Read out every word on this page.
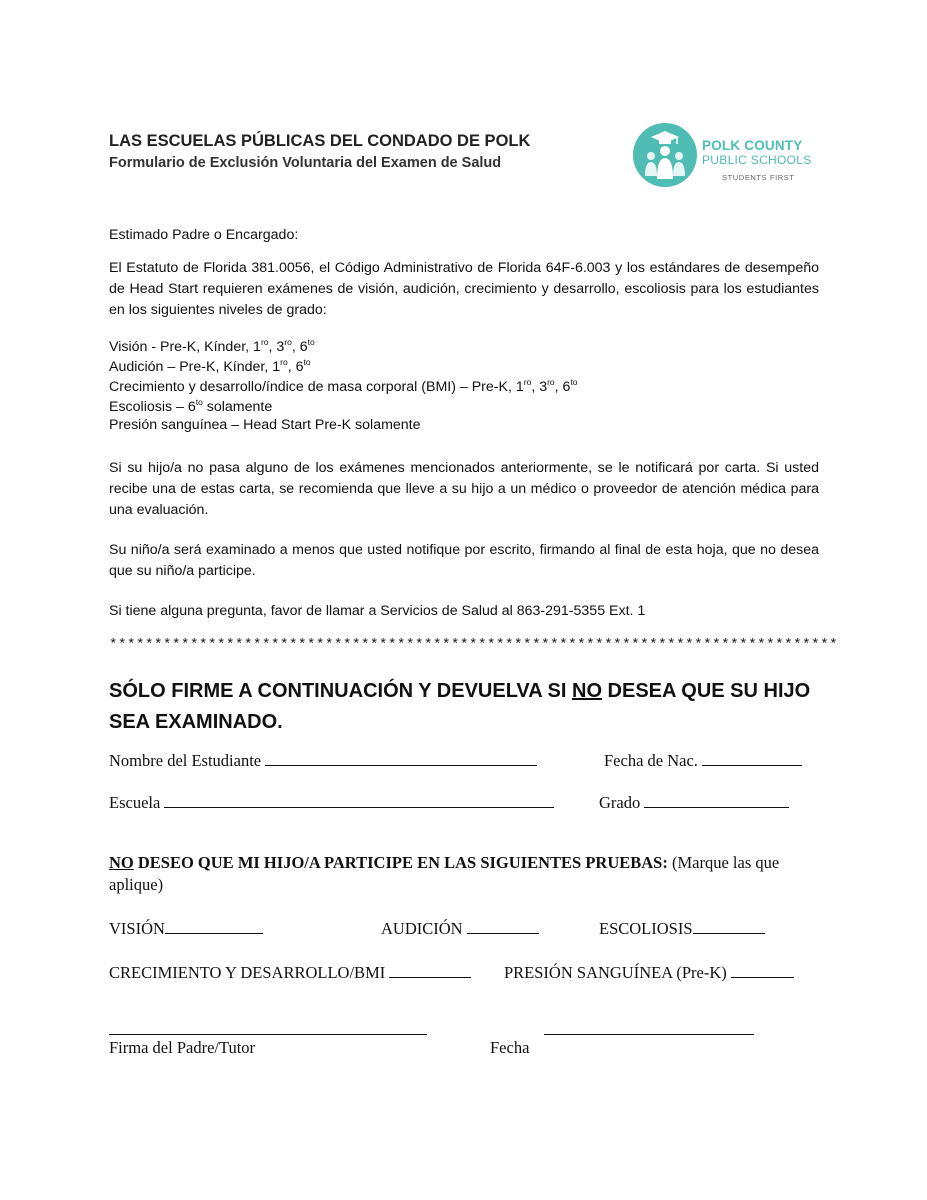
LAS ESCUELAS PÚBLICAS DEL CONDADO DE POLK
Formulario de Exclusión Voluntaria del Examen de Salud
POLK COUNTY
PUBLIC SCHOOLS
STUDENTS FIRST
Estimado Padre o Encargado:
El Estatuto de Florida 381.0056, el Código Administrativo de Florida 64F-6.003 y los estándares de desempeño de Head Start requieren exámenes de visión, audición, crecimiento y desarrollo, escoliosis para los estudiantes en los siguientes niveles de grado:
Visión - Pre-K, Kínder, $1^{ro}$, $3^{ro}$, $6^{to}$
Audición – Pre-K, Kínder, $1^{ro}$, $6^{to}$
Crecimiento y desarrollo/índice de masa corporal (BMI) – Pre-K, $1^{ro}$, $3^{ro}$, $6^{to}$
Escoliosis – $6^{to}$ solamente
Presión sanguínea – Head Start Pre-K solamente
Si su hijo/a no pasa alguno de los exámenes mencionados anteriormente, se le notificará por carta. Si usted recibe una de estas carta, se recomienda que lleve a su hijo a un médico o proveedor de atención médica para una evaluación.
Su niño/a será examinado a menos que usted notifique por escrito, firmando al final de esta hoja, que no desea que su niño/a participe.
Si tiene alguna pregunta, favor de llamar a Servicios de Salud al 863-291-5355 Ext. 1
*********************************************************************************
SÓLO FIRME A CONTINUACIÓN Y DEVUELVA SI NO DESEA QUE SU HIJO SEA EXAMINADO.
Nombre del Estudiante	Fecha de Nac.
Escuela	Grado
NO DESEO QUE MI HIJO/A PARTICIPE EN LAS SIGUIENTES PRUEBAS: (Marque las que aplique)
VISIÓN	AUDICIÓN	ESCOLIOSIS
CRECIMIENTO Y DESARROLLO/BMI	PRESIÓN SANGUÍNEA (Pre-K)
Firma del Padre/Tutor	Fecha
